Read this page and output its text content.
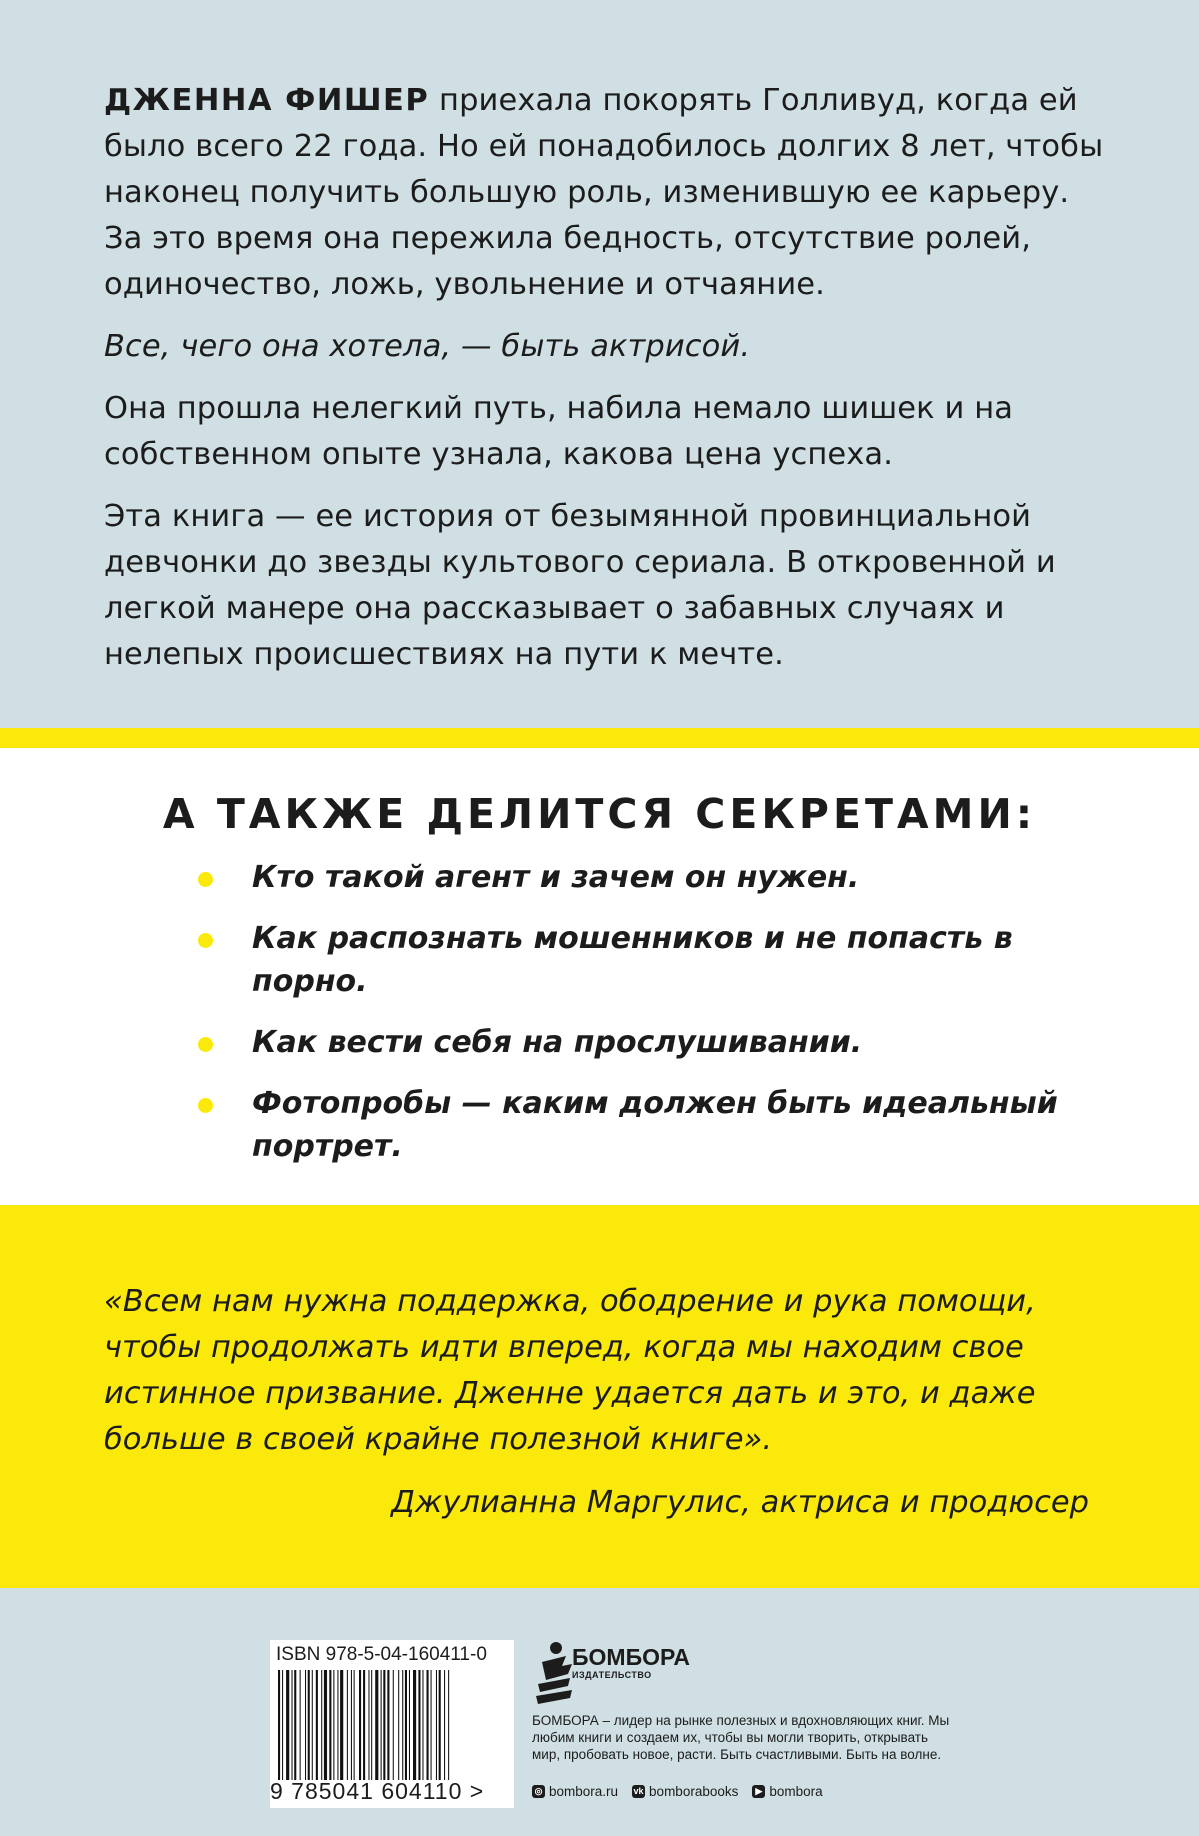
ДЖЕННА ФИШЕР приехала покорять Голливуд, когда ей было всего 22 года. Но ей понадобилось долгих 8 лет, чтобы наконец получить большую роль, изменившую ее карьеру. За это время она пережила бедность, отсутствие ролей, одиночество, ложь, увольнение и отчаяние.

Все, чего она хотела, — быть актрисой.

Она прошла нелегкий путь, набила немало шишек и на собственном опыте узнала, какова цена успеха.

Эта книга — ее история от безымянной провинциальной девчонки до звезды культового сериала. В откровенной и легкой манере она рассказывает о забавных случаях и нелепых происшествиях на пути к мечте.

А ТАКЖЕ ДЕЛИТСЯ СЕКРЕТАМИ:
Кто такой агент и зачем он нужен.
Как распознать мошенников и не попасть в порно.
Как вести себя на прослушивании.
Фотопробы — каким должен быть идеальный портрет.
«Всем нам нужна поддержка, ободрение и рука помощи, чтобы продолжать идти вперед, когда мы находим свое истинное призвание. Дженне удается дать и это, и даже больше в своей крайне полезной книге».
Джулианна Маргулис, актриса и продюсер
ISBN 978-5-04-160411-0
9 785041 604110 >
БОМБОРА
ИЗДАТЕЛЬСТВО
БОМБОРА – лидер на рынке полезных и вдохновляющих книг. Мы любим книги и создаем их, чтобы вы могли творить, открывать мир, пробовать новое, расти. Быть счастливыми. Быть на волне.
◎ bombora.ru vk bomborabooks	▶ bombora
